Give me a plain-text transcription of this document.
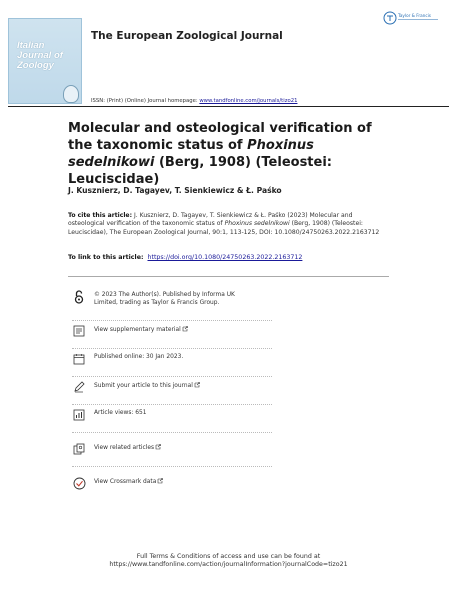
Italian
Journal of
Zoology
The European Zoological Journal
Taylor & Francis
ISSN: (Print) (Online) Journal homepage: www.tandfonline.com/journals/tizo21
Molecular and osteological verification of the taxonomic status of Phoxinus sedelnikowi (Berg, 1908) (Teleostei: Leuciscidae)
J. Kusznierz, D. Tagayev, T. Sienkiewicz & Ł. Paśko
To cite this article: J. Kusznierz, D. Tagayev, T. Sienkiewicz & Ł. Paśko (2023) Molecular and osteological verification of the taxonomic status of Phoxinus sedelnikowi (Berg, 1908) (Teleostei: Leuciscidae), The European Zoological Journal, 90:1, 113-125, DOI: 10.1080/24750263.2022.2163712
To link to this article: https://doi.org/10.1080/24750263.2022.2163712
© 2023 The Author(s). Published by Informa UK Limited, trading as Taylor & Francis Group.
View supplementary material
Published online: 30 Jan 2023.
Submit your article to this journal
Article views: 651
View related articles
View Crossmark data
Full Terms & Conditions of access and use can be found at
https://www.tandfonline.com/action/journalInformation?journalCode=tizo21
